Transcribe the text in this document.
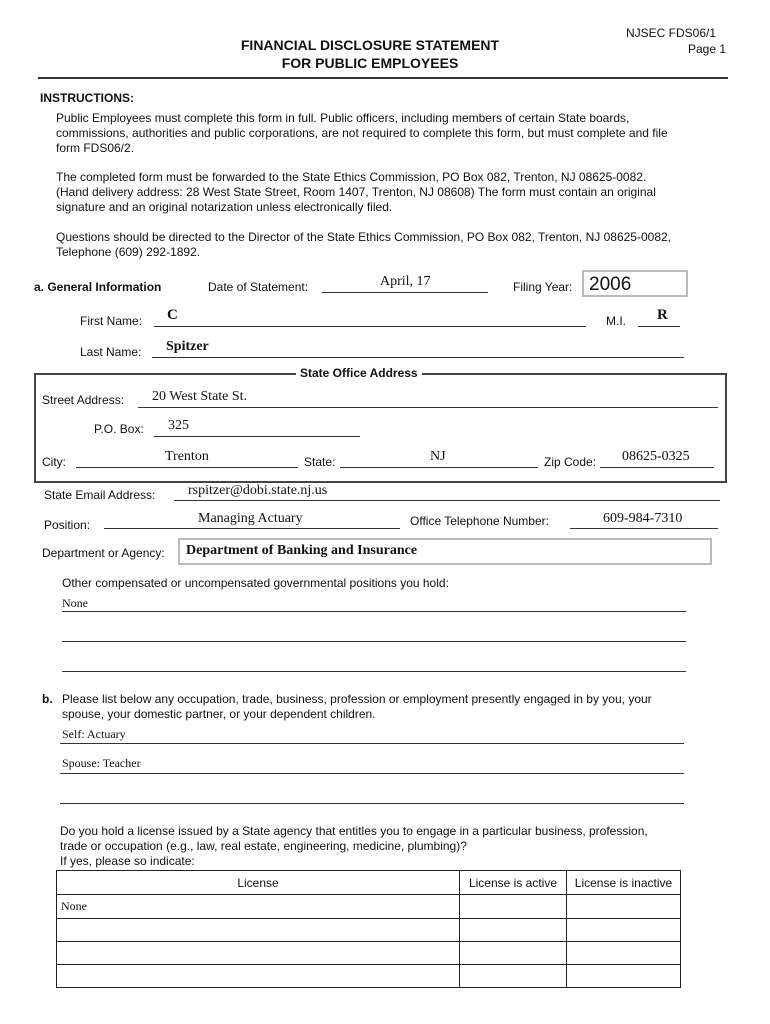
NJSEC FDS06/1
Page 1
FINANCIAL DISCLOSURE STATEMENT
FOR PUBLIC EMPLOYEES
INSTRUCTIONS:
Public Employees must complete this form in full. Public officers, including members of certain State boards,
commissions, authorities and public corporations, are not required to complete this form, but must complete and file
form FDS06/2.
The completed form must be forwarded to the State Ethics Commission, PO Box 082, Trenton, NJ 08625-0082.
(Hand delivery address: 28 West State Street, Room 1407, Trenton, NJ 08608) The form must contain an original
signature and an original notarization unless electronically filed.
Questions should be directed to the Director of the State Ethics Commission, PO Box 082, Trenton, NJ 08625-0082,
Telephone (609) 292-1892.
a. General Information	Date of Statement:	April, 17	Filing Year: 2006
First Name: C	M.I. R
Last Name: Spitzer
State Office Address
Street Address: 20 West State St.
P.O. Box: 325
City:	Trenton	State:	NJ	Zip Code: 08625-0325
State Email Address: rspitzer@dobi.state.nj.us
Position:	Managing Actuary	Office Telephone Number:	609-984-7310
Department or Agency: Department of Banking and Insurance
Other compensated or uncompensated governmental positions you hold:
None
b. Please list below any occupation, trade, business, profession or employment presently engaged in by you, your
spouse, your domestic partner, or your dependent children.
Self: Actuary
Spouse: Teacher
Do you hold a license issued by a State agency that entitles you to engage in a particular business, profession,
trade or occupation (e.g., law, real estate, engineering, medicine, plumbing)?
If yes, please so indicate:
License	License is active	License is inactive
None		
